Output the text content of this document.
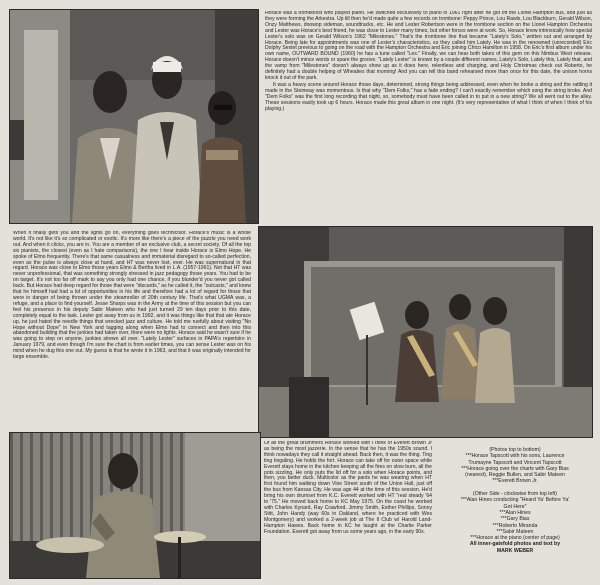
Horace was a trombonist who played piano. He switched exclusively to piano in 1961 right after he got off the Lionel Hampton bus, and just as they were forming the Arkestra. Up till then he'd made quite a few records on trombone: Peppy Prince, Lou Rawls, Lou Blackburn, Gerald Wilson, Onzy Matthews, doowop sideman, soundtracks, etc. He and Lester Robertson were in the trombone section on the Lionel Hampton Orchestra and Lester was Horace's best friend, he was close to Lester many times, but other forces were at work. So, Horace knew intrinsically how special Lester's solo was on Gerald Wilson's 1962 "Milestones." That's the trombone line that became "Lately's Solo," written out and arranged by Horace. Being late for appointments was one of Lester's characteristics, so they called him Lately. He was in the renowned (unrecorded) Eric Dolphy Sextet previous to going on the road with the Hampton Orchestra and Eric joining Chico Hamilton in 1958. On Eric's first album under his own name, OUTWARD BOUND (1960) he has a tune called "Les." Finally, we can hear both takes of this gem on this Nimbus West release. Horace doesn't mince words or spare the groove. "Lately Lester" is known by a couple different names, Lately's Solo, Lately this, Lately that, and the vamp from "Milestones" doesn't always show up as it does here, relentless and charging, and Holy Christmas check out Roberto, he definitely had a double helping of Wheaties that morning! And you can tell this band rehearsed more than once for this date, the unison horns knock it out of the park.

It was a heavy scene around Horace those days, determined, strong things being addressed, even when he broke a string and the rattling it made in the Steinway was momentous. Is that why "Dem Folks," has a fade ending? I can't exactly remember which song the string broke. And "Dem Folks" was the first long recording that night, so, somebody must have been called in to put in a new string? We all went out to the alley. These sessions easily took up 6 hours. Horace made this great album in one night. (It's very representative of what I think of when I think of his playing.)

When it finally gets you and the lights go on, everything goes technicolor. Horace's music is a whole world. It's not like it's so complicated or exotic. It's more like there's a piece of the puzzle you need work out. And when it clicks, you are in. You are a member of an exclusive club, a secret society. Of all the top six pianists, the closest (even as I hate comparisons), the one I hear inside Horace is Elmo Hope. He spoke of Elmo frequently. There's that same casualness and immaterial disregard to so-called perfection, even as the pulse is always close at hand, and HT was never lost, ever. He was supernatural in that regard. Horace was close to Elmo those years Elmo & Bertha lived in L.A. (1957-1961). Not that HT was never unprofessional, that was something strongly stressed in jazz pedagogy those years. You had to be on target. It's not too far off mark to say you only had one chance, if you blunder'd you never got called back. But Horace had deep regard for those that were "discards," as he called it, the "outcasts," and knew that he himself had had a lot of opportunities in his life and therefore had a lot of regard for those that were in danger of being thrown under the steamroller of 20th century life. That's what UGMA was, a refuge, and a place to find yourself. Jesse Sharps was in the Army at the time of this session but you can feel his presence in his deputy Sabir Mateen who had just turned 29 ten days prior to this date, completely equal to the task. Lester got away from us in 1992, and it was things like that that ate Horace up, he just hated the needle things that wrecked jazz and culture. He told me ruefully about visiting "No Hope without Dope" in New York and tagging along when Elmo had to connect and then into this abandoned building that the junkies had taken over, there were no lights. Horace said he wasn't sure if he was going to step on anyone, junkies strewn all over. "Lately Lester" surfaces in PAPA's repertoire in January 1979, and even though I'm sure the chart is from earlier times, you can sense Lester was on his mind when he dug this one out. My guess is that he wrote it in 1963, and that it was originally intended for large ensemble.

Of all the great drummers Horace worked with I think of Everett Brown Jr as being the most jazzerie. In the sense that he has the 1950s sound. I think nowadays they call it straight ahead. Back then, it was the thing. Ting ting tingaling. He holds the fort. Horace can take off for outer space while Everett stays home in the kitchen keeping all the fires on slow burn, all the pots sizzling. He only puts the lid off for a solo when Horace points, and then, you better duck. Multicolor as the pants he was wearing when HT first found him walking down Vine Street south of the Union Hall, just off the bus from Kansas City. He was age 44 at the time of this session. He'd bring his own drumset from K.C. Everett worked with HT "real steady '64 to '75." He moved back home to KC May 1975. On the coast he worked with Charles Kynard, Ray Crawford, Jimmy Smith, Esther Phillips, Sonny Stitt, John Handy (way 60s in Oakland, where he practiced with Wes Montgomery) and worked a 2-week job at The Il Club w/ Harold Land-Hampton Hawes. Back home in KC he taught at the Charlie Parker Foundation. Everett got away from us some years ago, in the early 90s.

(Photos top to bottom)
***Horace Tapscott with his sons, Laurence
Trumayne Tapscott and Vincent Tapscott
***Horace going over the charts with Gary Bias
(nearest), Reggie Bullen, and Sabir Mateen
***Everett Brown Jr.

(Other Side - clockwise from top left)
***Alan Hines conducting "Heard Ya' Before Ya'
Got Here"
***Alan Hines
***Gary Bias
***Roberto Miranda
***Sabir Mateen
***Horace at the piano (center of page)
All inner-gatefold photos and text by
MARK WEBER
